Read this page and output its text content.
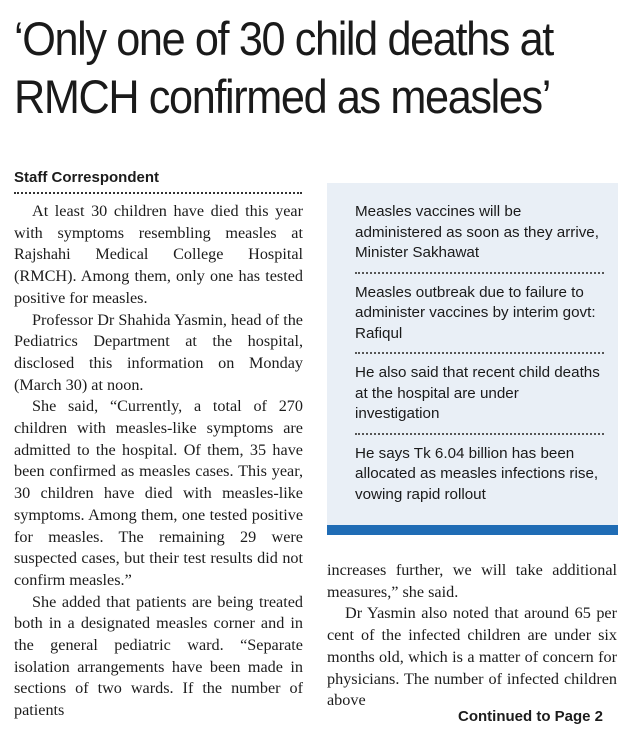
‘Only one of 30 child deaths at
RMCH confirmed as measles’
Staff Correspondent

At least 30 children have died this year with symptoms resembling measles at Rajshahi Medical College Hospital (RMCH). Among them, only one has tested positive for measles.

Professor Dr Shahida Yasmin, head of the Pediatrics Department at the hospital, disclosed this information on Monday (March 30) at noon.

She said, “Currently, a total of 270 children with measles-like symptoms are admitted to the hospital. Of them, 35 have been confirmed as measles cases. This year, 30 children have died with measles-like symptoms. Among them, one tested positive for measles. The remaining 29 were suspected cases, but their test results did not confirm measles.”

She added that patients are being treated both in a designated measles corner and in the general pediatric ward. “Separate isolation arrangements have been made in sections of two wards. If the number of patients

Measles vaccines will be administered as soon as they arrive, Minister Sakhawat
Measles outbreak due to failure to administer vaccines by interim govt: Rafiqul
He also said that recent child deaths at the hospital are under investigation
He says Tk 6.04 billion has been allocated as measles infections rise, vowing rapid rollout

increases further, we will take additional measures,” she said.

Dr Yasmin also noted that around 65 per cent of the infected children are under six months old, which is a matter of concern for physicians. The number of infected children above

Continued to Page 2
